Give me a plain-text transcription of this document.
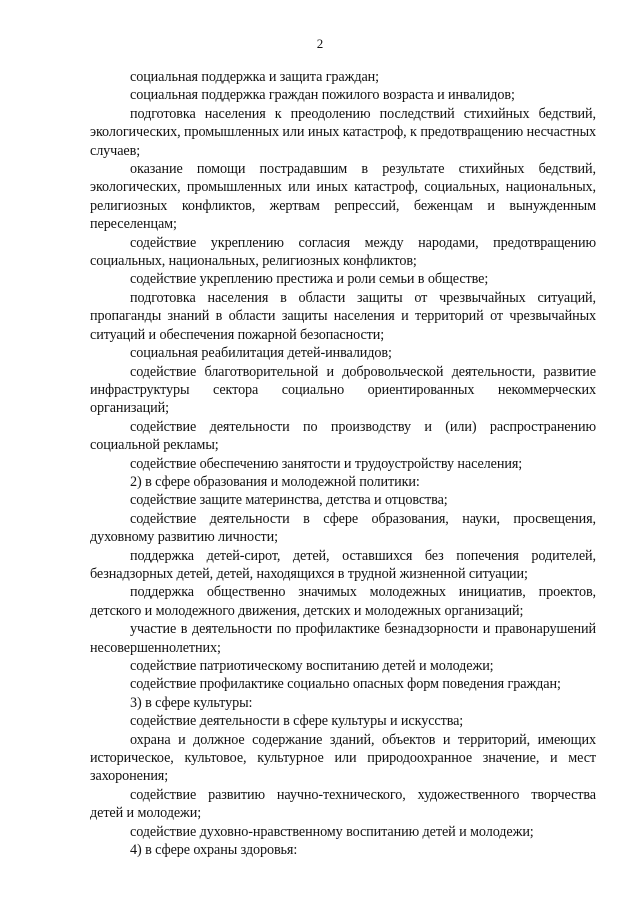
2

социальная поддержка и защита граждан;

социальная поддержка граждан пожилого возраста и инвалидов;

подготовка населения к преодолению последствий стихийных бедствий, экологических, промышленных или иных катастроф, к предотвращению несчастных случаев;

оказание помощи пострадавшим в результате стихийных бедствий, экологических, промышленных или иных катастроф, социальных, национальных, религиозных конфликтов, жертвам репрессий, беженцам и вынужденным переселенцам;

содействие укреплению согласия между народами, предотвращению социальных, национальных, религиозных конфликтов;

содействие укреплению престижа и роли семьи в обществе;

подготовка населения в области защиты от чрезвычайных ситуаций, пропаганды знаний в области защиты населения и территорий от чрезвычайных ситуаций и обеспечения пожарной безопасности;

социальная реабилитация детей-инвалидов;

содействие благотворительной и добровольческой деятельности, развитие инфраструктуры сектора социально ориентированных некоммерческих организаций;

содействие деятельности по производству и (или) распространению социальной рекламы;

содействие обеспечению занятости и трудоустройству населения;

2) в сфере образования и молодежной политики:

содействие защите материнства, детства и отцовства;

содействие деятельности в сфере образования, науки, просвещения, духовному развитию личности;

поддержка детей-сирот, детей, оставшихся без попечения родителей, безнадзорных детей, детей, находящихся в трудной жизненной ситуации;

поддержка общественно значимых молодежных инициатив, проектов, детского и молодежного движения, детских и молодежных организаций;

участие в деятельности по профилактике безнадзорности и правонарушений несовершеннолетних;

содействие патриотическому воспитанию детей и молодежи;

содействие профилактике социально опасных форм поведения граждан;

3) в сфере культуры:

содействие деятельности в сфере культуры и искусства;

охрана и должное содержание зданий, объектов и территорий, имеющих историческое, культовое, культурное или природоохранное значение, и мест захоронения;

содействие развитию научно-технического, художественного творчества детей и молодежи;

содействие духовно-нравственному воспитанию детей и молодежи;

4) в сфере охраны здоровья:
